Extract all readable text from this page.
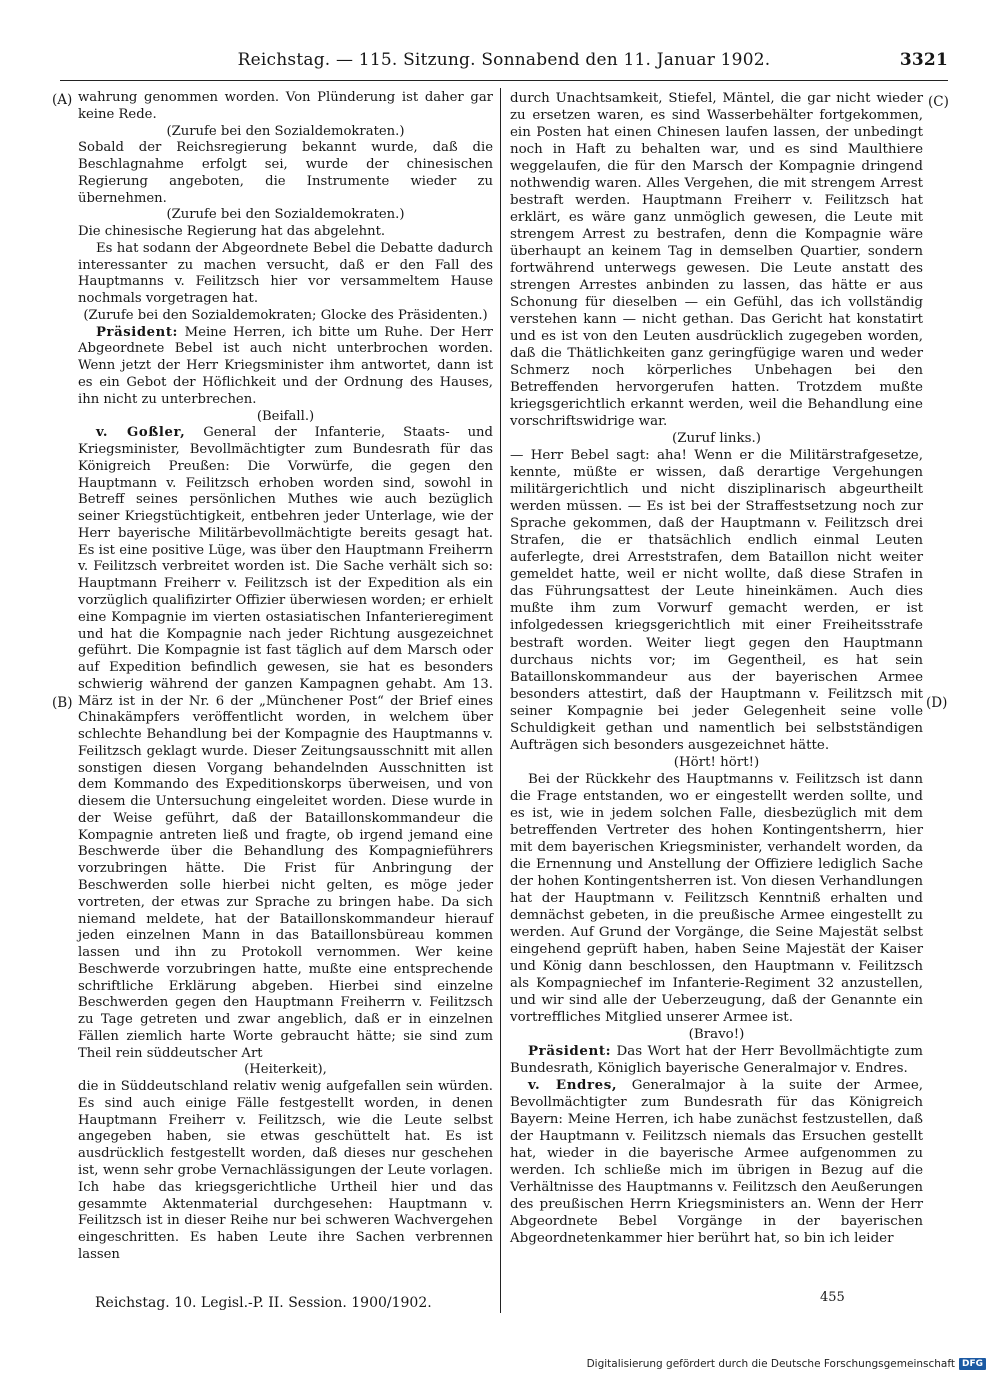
Reichstag. — 115. Sitzung. Sonnabend den 11. Januar 1902.	3321
(A)
(B)
(C)
(D)

wahrung genommen worden. Von Plünderung ist daher gar keine Rede.

(Zurufe bei den Sozialdemokraten.)

Sobald der Reichsregierung bekannt wurde, daß die Beschlagnahme erfolgt sei, wurde der chinesischen Regierung angeboten, die Instrumente wieder zu übernehmen.

(Zurufe bei den Sozialdemokraten.)

Die chinesische Regierung hat das abgelehnt.

Es hat sodann der Abgeordnete Bebel die Debatte dadurch interessanter zu machen versucht, daß er den Fall des Hauptmanns v. Feilitzsch hier vor versammeltem Hause nochmals vorgetragen hat.

(Zurufe bei den Sozialdemokraten; Glocke des Präsidenten.)

Präsident: Meine Herren, ich bitte um Ruhe. Der Herr Abgeordnete Bebel ist auch nicht unterbrochen worden. Wenn jetzt der Herr Kriegsminister ihm antwortet, dann ist es ein Gebot der Höflichkeit und der Ordnung des Hauses, ihn nicht zu unterbrechen.

(Beifall.)

v. Goßler, General der Infanterie, Staats- und Kriegsminister, Bevollmächtigter zum Bundesrath für das Königreich Preußen: Die Vorwürfe, die gegen den Hauptmann v. Feilitzsch erhoben worden sind, sowohl in Betreff seines persönlichen Muthes wie auch bezüglich seiner Kriegstüchtigkeit, entbehren jeder Unterlage, wie der Herr bayerische Militärbevollmächtigte bereits gesagt hat. Es ist eine positive Lüge, was über den Hauptmann Freiherrn v. Feilitzsch verbreitet worden ist. Die Sache verhält sich so: Hauptmann Freiherr v. Feilitzsch ist der Expedition als ein vorzüglich qualifizirter Offizier überwiesen worden; er erhielt eine Kompagnie im vierten ostasiatischen Infanterieregiment und hat die Kompagnie nach jeder Richtung ausgezeichnet geführt. Die Kompagnie ist fast täglich auf dem Marsch oder auf Expedition befindlich gewesen, sie hat es besonders schwierig während der ganzen Kampagnen gehabt. Am 13. März ist in der Nr. 6 der „Münchener Post“ der Brief eines Chinakämpfers veröffentlicht worden, in welchem über schlechte Behandlung bei der Kompagnie des Hauptmanns v. Feilitzsch geklagt wurde. Dieser Zeitungsausschnitt mit allen sonstigen diesen Vorgang behandelnden Ausschnitten ist dem Kommando des Expeditionskorps überweisen, und von diesem die Untersuchung eingeleitet worden. Diese wurde in der Weise geführt, daß der Bataillonskommandeur die Kompagnie antreten ließ und fragte, ob irgend jemand eine Beschwerde über die Behandlung des Kompagnieführers vorzubringen hätte. Die Frist für Anbringung der Beschwerden solle hierbei nicht gelten, es möge jeder vortreten, der etwas zur Sprache zu bringen habe. Da sich niemand meldete, hat der Bataillonskommandeur hierauf jeden einzelnen Mann in das Bataillonsbüreau kommen lassen und ihn zu Protokoll vernommen. Wer keine Beschwerde vorzubringen hatte, mußte eine entsprechende schriftliche Erklärung abgeben. Hierbei sind einzelne Beschwerden gegen den Hauptmann Freiherrn v. Feilitzsch zu Tage getreten und zwar angeblich, daß er in einzelnen Fällen ziemlich harte Worte gebraucht hätte; sie sind zum Theil rein süddeutscher Art

(Heiterkeit),

die in Süddeutschland relativ wenig aufgefallen sein würden. Es sind auch einige Fälle festgestellt worden, in denen Hauptmann Freiherr v. Feilitzsch, wie die Leute selbst angegeben haben, sie etwas geschüttelt hat. Es ist ausdrücklich festgestellt worden, daß dieses nur geschehen ist, wenn sehr grobe Vernachlässigungen der Leute vorlagen. Ich habe das kriegsgerichtliche Urtheil hier und das gesammte Aktenmaterial durchgesehen: Hauptmann v. Feilitzsch ist in dieser Reihe nur bei schweren Wachvergehen eingeschritten. Es haben Leute ihre Sachen verbrennen lassen

durch Unachtsamkeit, Stiefel, Mäntel, die gar nicht wieder zu ersetzen waren, es sind Wasserbehälter fortgekommen, ein Posten hat einen Chinesen laufen lassen, der unbedingt noch in Haft zu behalten war, und es sind Maulthiere weggelaufen, die für den Marsch der Kompagnie dringend nothwendig waren. Alles Vergehen, die mit strengem Arrest bestraft werden. Hauptmann Freiherr v. Feilitzsch hat erklärt, es wäre ganz unmöglich gewesen, die Leute mit strengem Arrest zu bestrafen, denn die Kompagnie wäre überhaupt an keinem Tag in demselben Quartier, sondern fortwährend unterwegs gewesen. Die Leute anstatt des strengen Arrestes anbinden zu lassen, das hätte er aus Schonung für dieselben — ein Gefühl, das ich vollständig verstehen kann — nicht gethan. Das Gericht hat konstatirt und es ist von den Leuten ausdrücklich zugegeben worden, daß die Thätlichkeiten ganz geringfügige waren und weder Schmerz noch körperliches Unbehagen bei den Betreffenden hervorgerufen hatten. Trotzdem mußte kriegsgerichtlich erkannt werden, weil die Behandlung eine vorschriftswidrige war.

(Zuruf links.)

— Herr Bebel sagt: aha! Wenn er die Militärstrafgesetze, kennte, müßte er wissen, daß derartige Vergehungen militärgerichtlich und nicht disziplinarisch abgeurtheilt werden müssen. — Es ist bei der Straffestsetzung noch zur Sprache gekommen, daß der Hauptmann v. Feilitzsch drei Strafen, die er thatsächlich endlich einmal Leuten auferlegte, drei Arreststrafen, dem Bataillon nicht weiter gemeldet hatte, weil er nicht wollte, daß diese Strafen in das Führungsattest der Leute hineinkämen. Auch dies mußte ihm zum Vorwurf gemacht werden, er ist infolgedessen kriegsgerichtlich mit einer Freiheitsstrafe bestraft worden. Weiter liegt gegen den Hauptmann durchaus nichts vor; im Gegentheil, es hat sein Bataillonskommandeur aus der bayerischen Armee besonders attestirt, daß der Hauptmann v. Feilitzsch mit seiner Kompagnie bei jeder Gelegenheit seine volle Schuldigkeit gethan und namentlich bei selbstständigen Aufträgen sich besonders ausgezeichnet hätte.

(Hört! hört!)

Bei der Rückkehr des Hauptmanns v. Feilitzsch ist dann die Frage entstanden, wo er eingestellt werden sollte, und es ist, wie in jedem solchen Falle, diesbezüglich mit dem betreffenden Vertreter des hohen Kontingentsherrn, hier mit dem bayerischen Kriegsminister, verhandelt worden, da die Ernennung und Anstellung der Offiziere lediglich Sache der hohen Kontingentsherren ist. Von diesen Verhandlungen hat der Hauptmann v. Feilitzsch Kenntniß erhalten und demnächst gebeten, in die preußische Armee eingestellt zu werden. Auf Grund der Vorgänge, die Seine Majestät selbst eingehend geprüft haben, haben Seine Majestät der Kaiser und König dann beschlossen, den Hauptmann v. Feilitzsch als Kompagniechef im Infanterie-Regiment 32 anzustellen, und wir sind alle der Ueberzeugung, daß der Genannte ein vortreffliches Mitglied unserer Armee ist.

(Bravo!)

Präsident: Das Wort hat der Herr Bevollmächtigte zum Bundesrath, Königlich bayerische Generalmajor v. Endres.

v. Endres, Generalmajor à la suite der Armee, Bevollmächtigter zum Bundesrath für das Königreich Bayern: Meine Herren, ich habe zunächst festzustellen, daß der Hauptmann v. Feilitzsch niemals das Ersuchen gestellt hat, wieder in die bayerische Armee aufgenommen zu werden. Ich schließe mich im übrigen in Bezug auf die Verhältnisse des Hauptmanns v. Feilitzsch den Aeußerungen des preußischen Herrn Kriegsministers an. Wenn der Herr Abgeordnete Bebel Vorgänge in der bayerischen Abgeordnetenkammer hier berührt hat, so bin ich leider

Reichstag. 10. Legisl.-P. II. Session. 1900/1902.	455
Digitalisierung gefördert durch die Deutsche Forschungsgemeinschaft DFG
